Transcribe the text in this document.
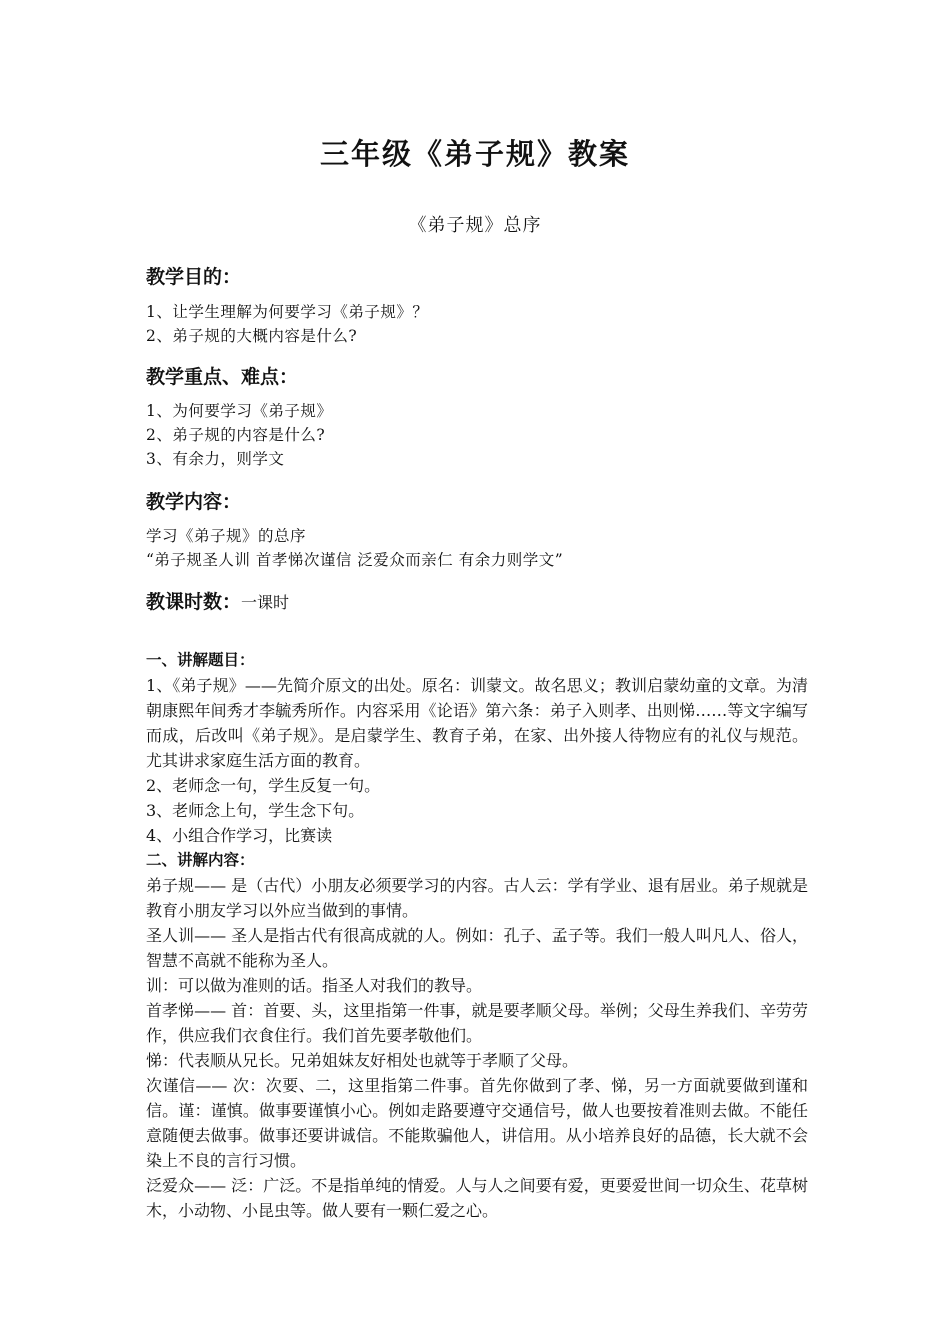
三年级《弟子规》教案
《弟子规》总序
教学目的：
1、让学生理解为何要学习《弟子规》？
2、弟子规的大概内容是什么?
教学重点、难点：
1、为何要学习《弟子规》
2、弟子规的内容是什么?
3、有余力，则学文
教学内容：
学习《弟子规》的总序
“弟子规圣人训 首孝悌次谨信 泛爱众而亲仁 有余力则学文”
教课时数：一课时
一、讲解题目：
1、《弟子规》——先简介原文的出处。原名：训蒙文。故名思义；教训启蒙幼童的文章。为清朝康熙年间秀才李毓秀所作。内容采用《论语》第六条：弟子入则孝、出则悌……等文字编写而成，后改叫《弟子规》。是启蒙学生、教育子弟，在家、出外接人待物应有的礼仪与规范。尤其讲求家庭生活方面的教育。
2、老师念一句，学生反复一句。
3、老师念上句，学生念下句。
4、小组合作学习，比赛读
二、讲解内容：
弟子规—— 是（古代）小朋友必须要学习的内容。古人云：学有学业、退有居业。弟子规就是教育小朋友学习以外应当做到的事情。
圣人训—— 圣人是指古代有很高成就的人。例如：孔子、孟子等。我们一般人叫凡人、俗人，智慧不高就不能称为圣人。
训：可以做为准则的话。指圣人对我们的教导。
首孝悌—— 首：首要、头，这里指第一件事，就是要孝顺父母。举例；父母生养我们、辛劳劳作，供应我们衣食住行。我们首先要孝敬他们。
悌：代表顺从兄长。兄弟姐妹友好相处也就等于孝顺了父母。
次谨信—— 次：次要、二，这里指第二件事。首先你做到了孝、悌，另一方面就要做到谨和信。谨：谨慎。做事要谨慎小心。例如走路要遵守交通信号，做人也要按着准则去做。不能任意随便去做事。做事还要讲诚信。不能欺骗他人，讲信用。从小培养良好的品德，长大就不会染上不良的言行习惯。
泛爱众—— 泛：广泛。不是指单纯的情爱。人与人之间要有爱，更要爱世间一切众生、花草树木，小动物、小昆虫等。做人要有一颗仁爱之心。
